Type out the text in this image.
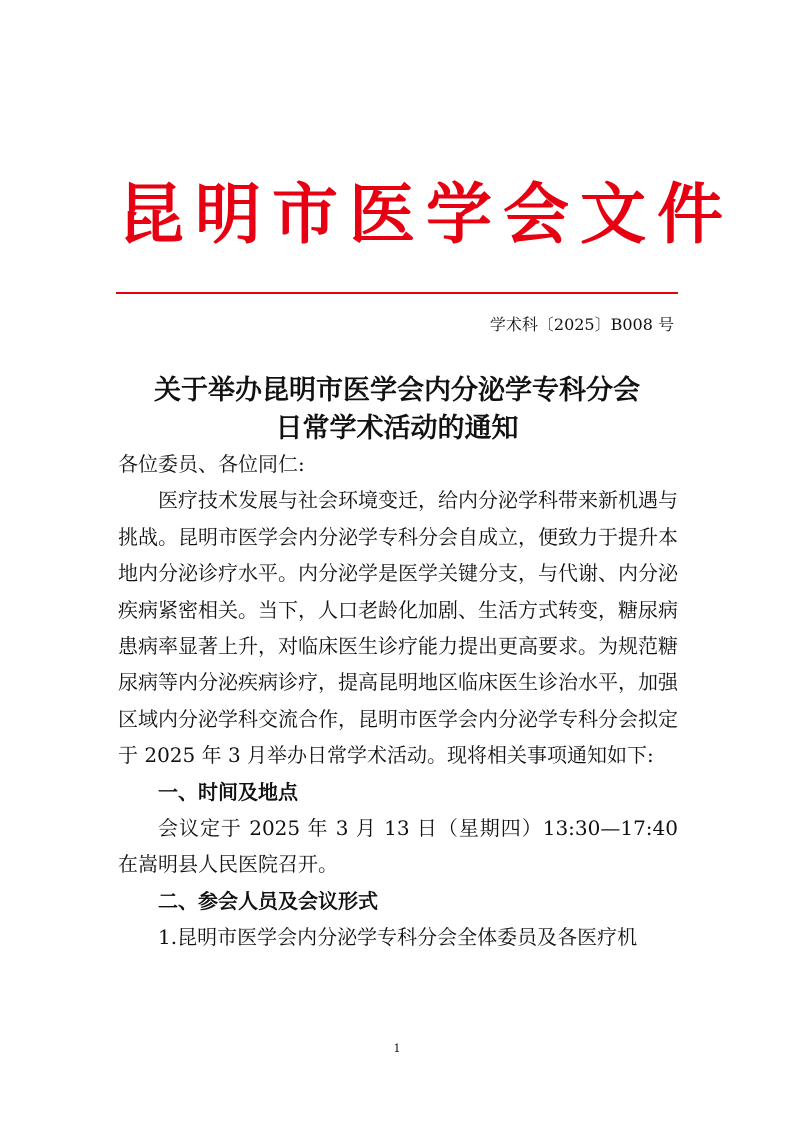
昆明市医学会文件
学术科〔2025〕B008 号
关于举办昆明市医学会内分泌学专科分会
日常学术活动的通知

各位委员、各位同仁:

医疗技术发展与社会环境变迁，给内分泌学科带来新机遇与挑战。昆明市医学会内分泌学专科分会自成立，便致力于提升本地内分泌诊疗水平。内分泌学是医学关键分支，与代谢、内分泌疾病紧密相关。当下，人口老龄化加剧、生活方式转变，糖尿病患病率显著上升，对临床医生诊疗能力提出更高要求。为规范糖尿病等内分泌疾病诊疗，提高昆明地区临床医生诊治水平，加强区域内分泌学科交流合作，昆明市医学会内分泌学专科分会拟定于 2025 年 3 月举办日常学术活动。现将相关事项通知如下:

一、时间及地点

会议定于 2025 年 3 月 13 日（星期四）13:30—17:40 在嵩明县人民医院召开。

二、参会人员及会议形式

1.昆明市医学会内分泌学专科分会全体委员及各医疗机

1
